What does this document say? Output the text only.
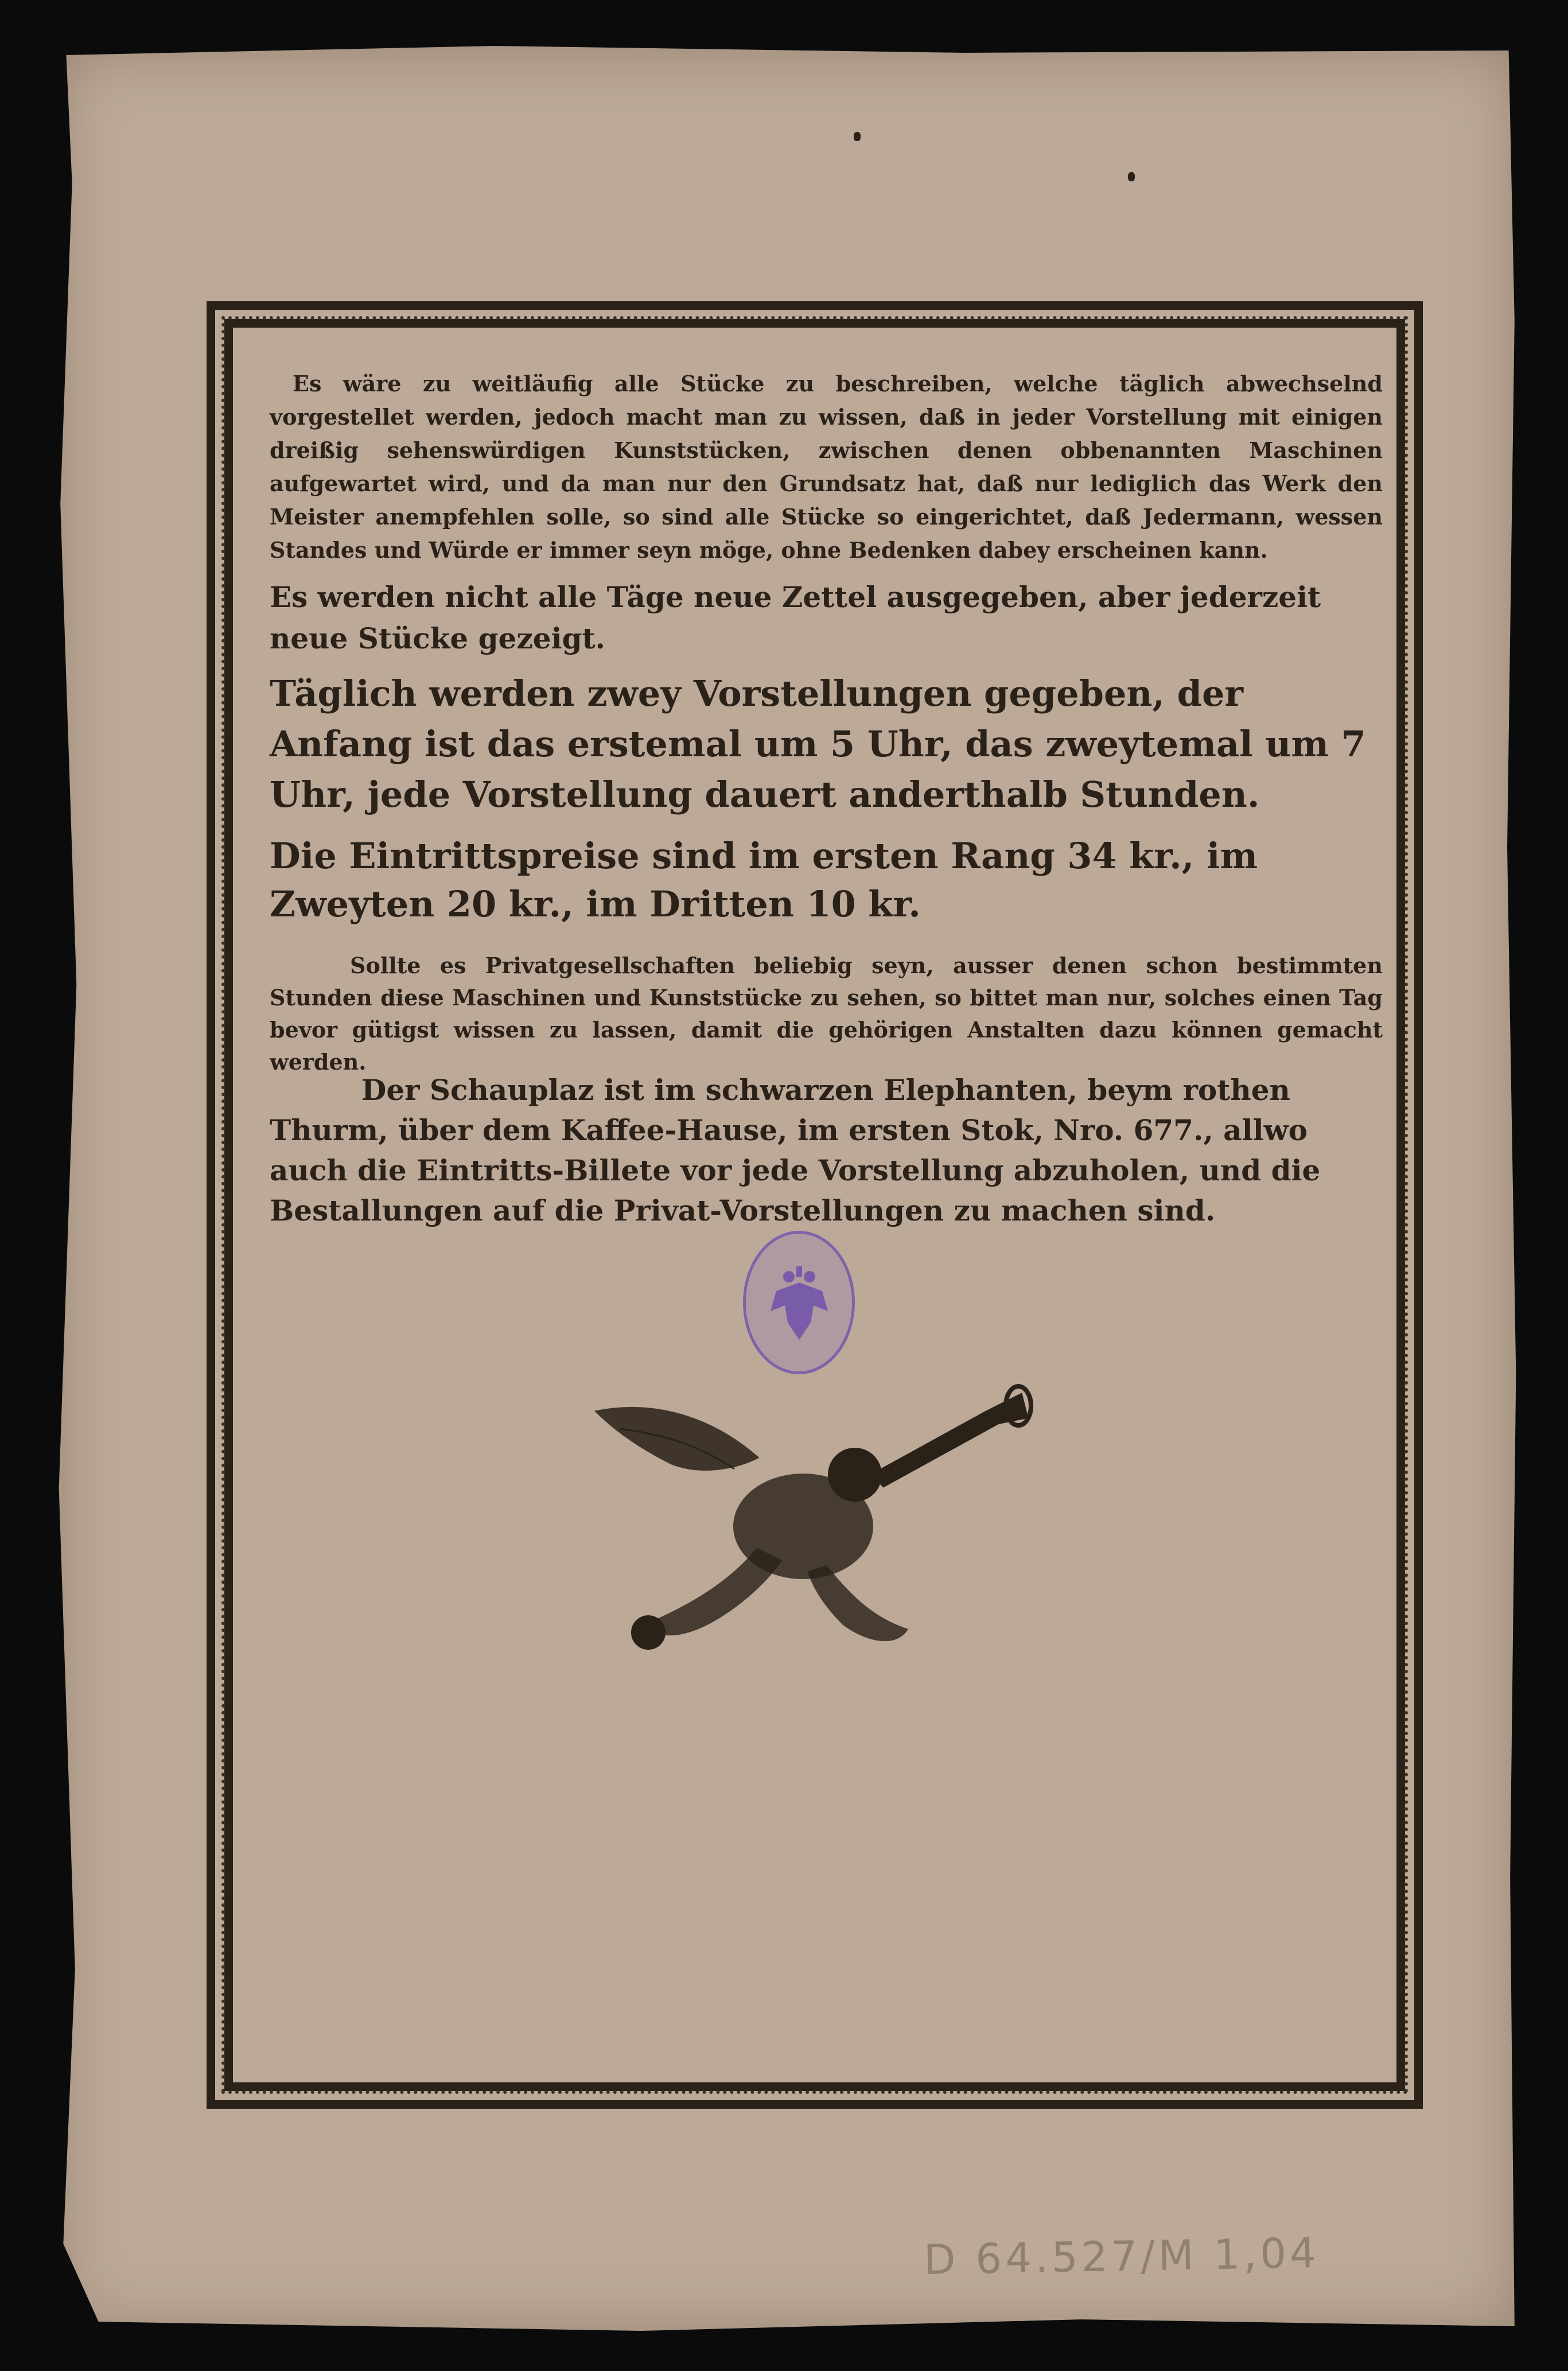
Es wäre zu weitläufig alle Stücke zu beschreiben, welche täglich abwechselnd vorgestellet werden, jedoch macht man zu wissen, daß in jeder Vorstellung mit einigen dreißig sehenswürdigen Kunststücken, zwischen denen obbenannten Maschinen aufgewartet wird, und da man nur den Grundsatz hat, daß nur lediglich das Werk den Meister anempfehlen solle, so sind alle Stücke so eingerichtet, daß Jedermann, wessen Standes und Würde er immer seyn möge, ohne Bedenken dabey erscheinen kann.

Es werden nicht alle Täge neue Zettel ausgegeben, aber jederzeit neue Stücke gezeigt.

Täglich werden zwey Vorstellungen gegeben, der Anfang ist das erstemal um 5 Uhr, das zweytemal um 7 Uhr, jede Vorstellung dauert anderthalb Stunden.

Die Eintrittspreise sind im ersten Rang 34 kr., im Zweyten 20 kr., im Dritten 10 kr.

Sollte es Privatgesellschaften beliebig seyn, ausser denen schon bestimmten Stunden diese Maschinen und Kunststücke zu sehen, so bittet man nur, solches einen Tag bevor gütigst wissen zu lassen, damit die gehörigen Anstalten dazu können gemacht werden.

Der Schauplaz ist im schwarzen Elephanten, beym rothen Thurm, über dem Kaffee-Hause, im ersten Stok, Nro. 677., allwo auch die Eintritts-Billete vor jede Vorstellung abzuholen, und die Bestallungen auf die Privat-Vorstellungen zu machen sind.

D 64.527/M 1,04
